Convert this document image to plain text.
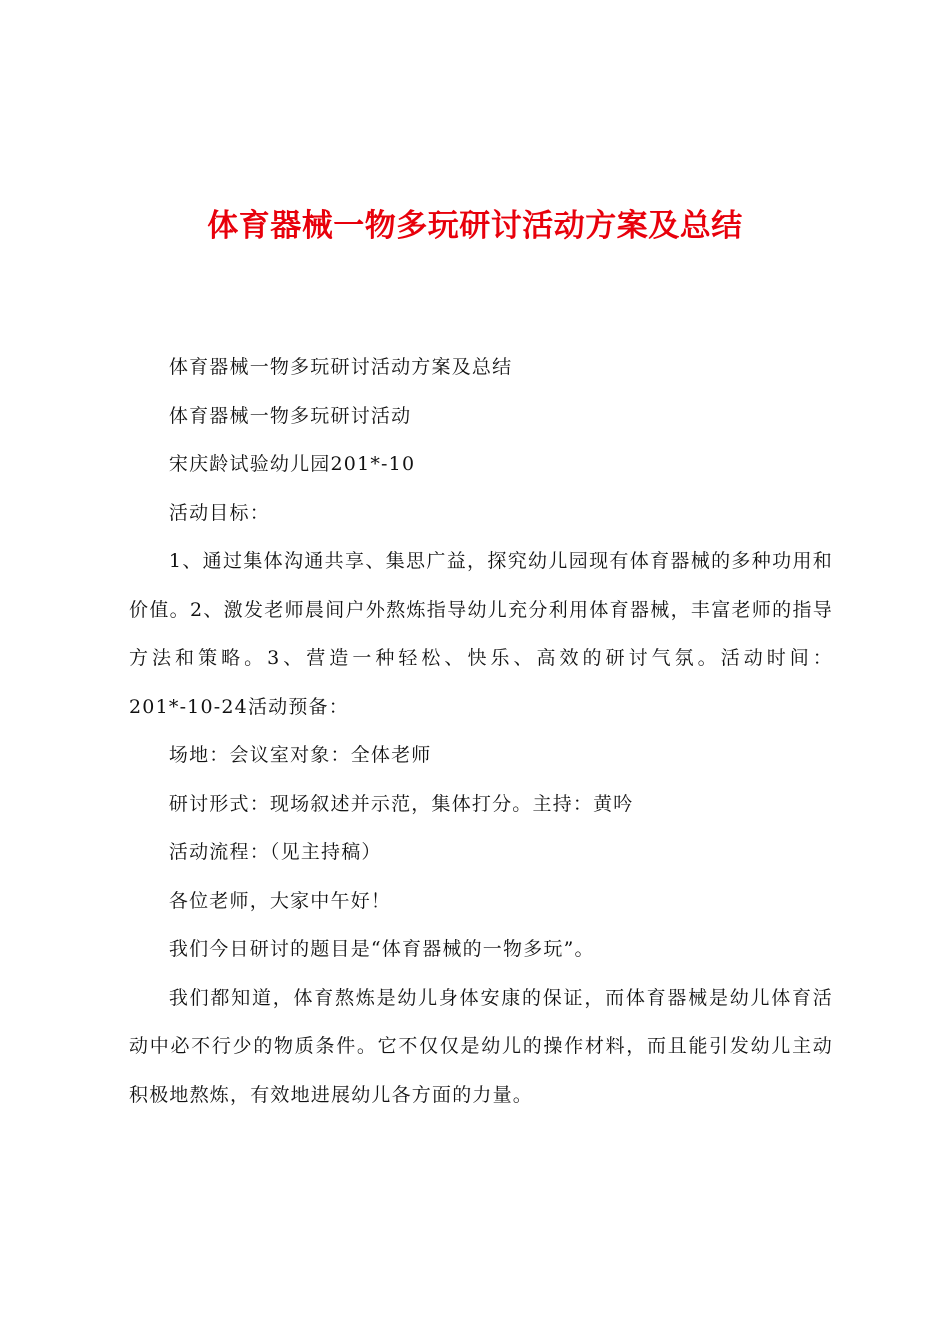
体育器械一物多玩研讨活动方案及总结

体育器械一物多玩研讨活动方案及总结

体育器械一物多玩研讨活动

宋庆龄试验幼儿园201*-10

活动目标：

1、通过集体沟通共享、集思广益，探究幼儿园现有体育器械的多种功用和价值。2、激发老师晨间户外熬炼指导幼儿充分利用体育器械，丰富老师的指导方法和策略。3、营造一种轻松、快乐、高效的研讨气氛。活动时间：201*-10-24活动预备：

场地：会议室对象：全体老师

研讨形式：现场叙述并示范，集体打分。主持：黄吟

活动流程：（见主持稿）

各位老师，大家中午好！

我们今日研讨的题目是“体育器械的一物多玩”。

我们都知道，体育熬炼是幼儿身体安康的保证，而体育器械是幼儿体育活动中必不行少的物质条件。它不仅仅是幼儿的操作材料，而且能引发幼儿主动积极地熬炼，有效地进展幼儿各方面的力量。
